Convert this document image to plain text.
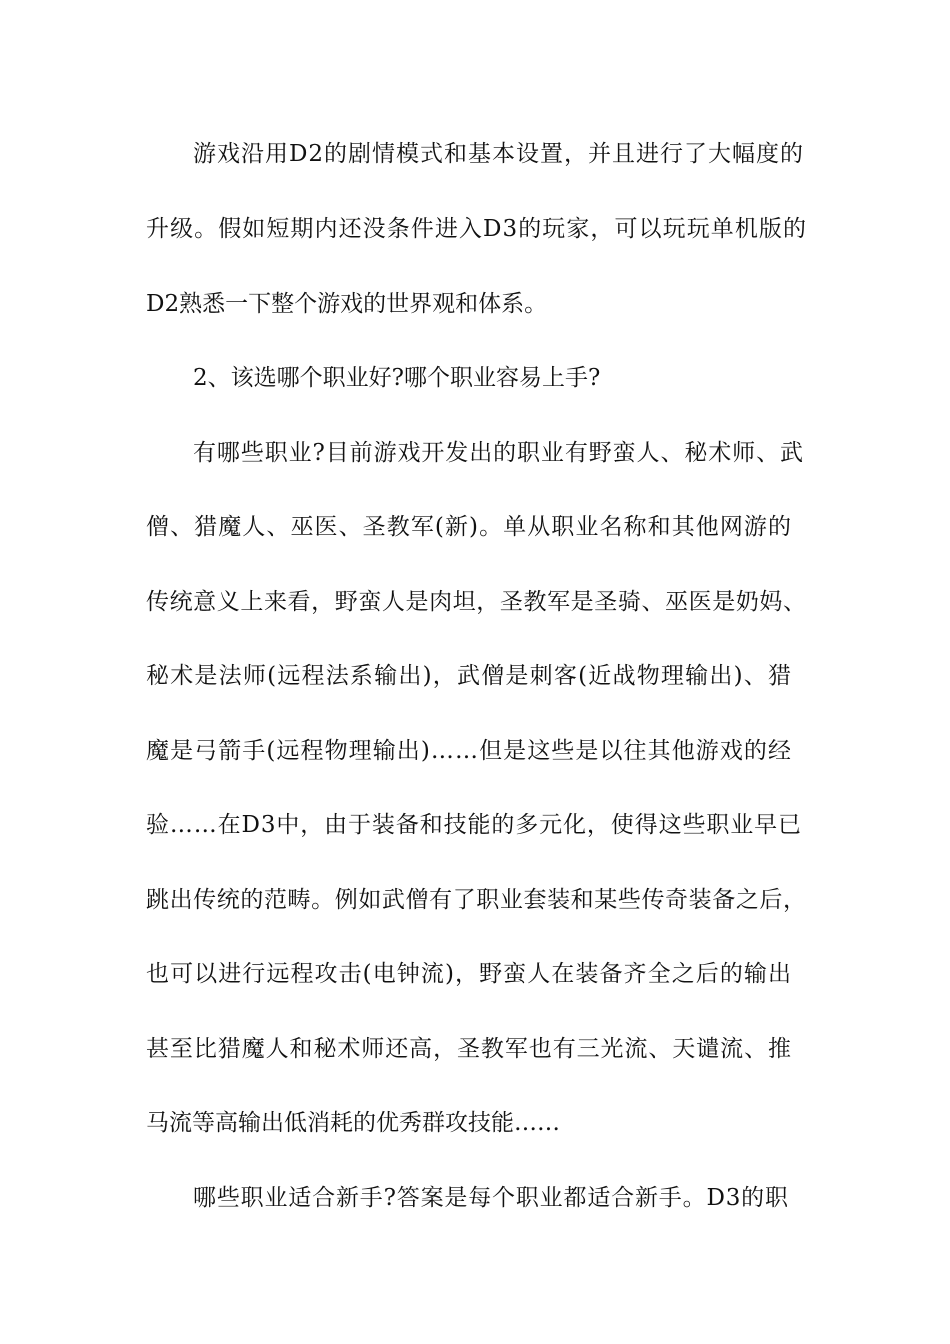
游戏沿用D2的剧情模式和基本设置，并且进行了大幅度的
升级。假如短期内还没条件进入D3的玩家，可以玩玩单机版的
D2熟悉一下整个游戏的世界观和体系。
2、该选哪个职业好?哪个职业容易上手?
有哪些职业?目前游戏开发出的职业有野蛮人、秘术师、武
僧、猎魔人、巫医、圣教军(新)。单从职业名称和其他网游的
传统意义上来看，野蛮人是肉坦，圣教军是圣骑、巫医是奶妈、
秘术是法师(远程法系输出)，武僧是刺客(近战物理输出)、猎
魔是弓箭手(远程物理输出)……但是这些是以往其他游戏的经
验……在D3中，由于装备和技能的多元化，使得这些职业早已
跳出传统的范畴。例如武僧有了职业套装和某些传奇装备之后，
也可以进行远程攻击(电钟流)，野蛮人在装备齐全之后的输出
甚至比猎魔人和秘术师还高，圣教军也有三光流、天谴流、推
马流等高输出低消耗的优秀群攻技能……
哪些职业适合新手?答案是每个职业都适合新手。D3的职
